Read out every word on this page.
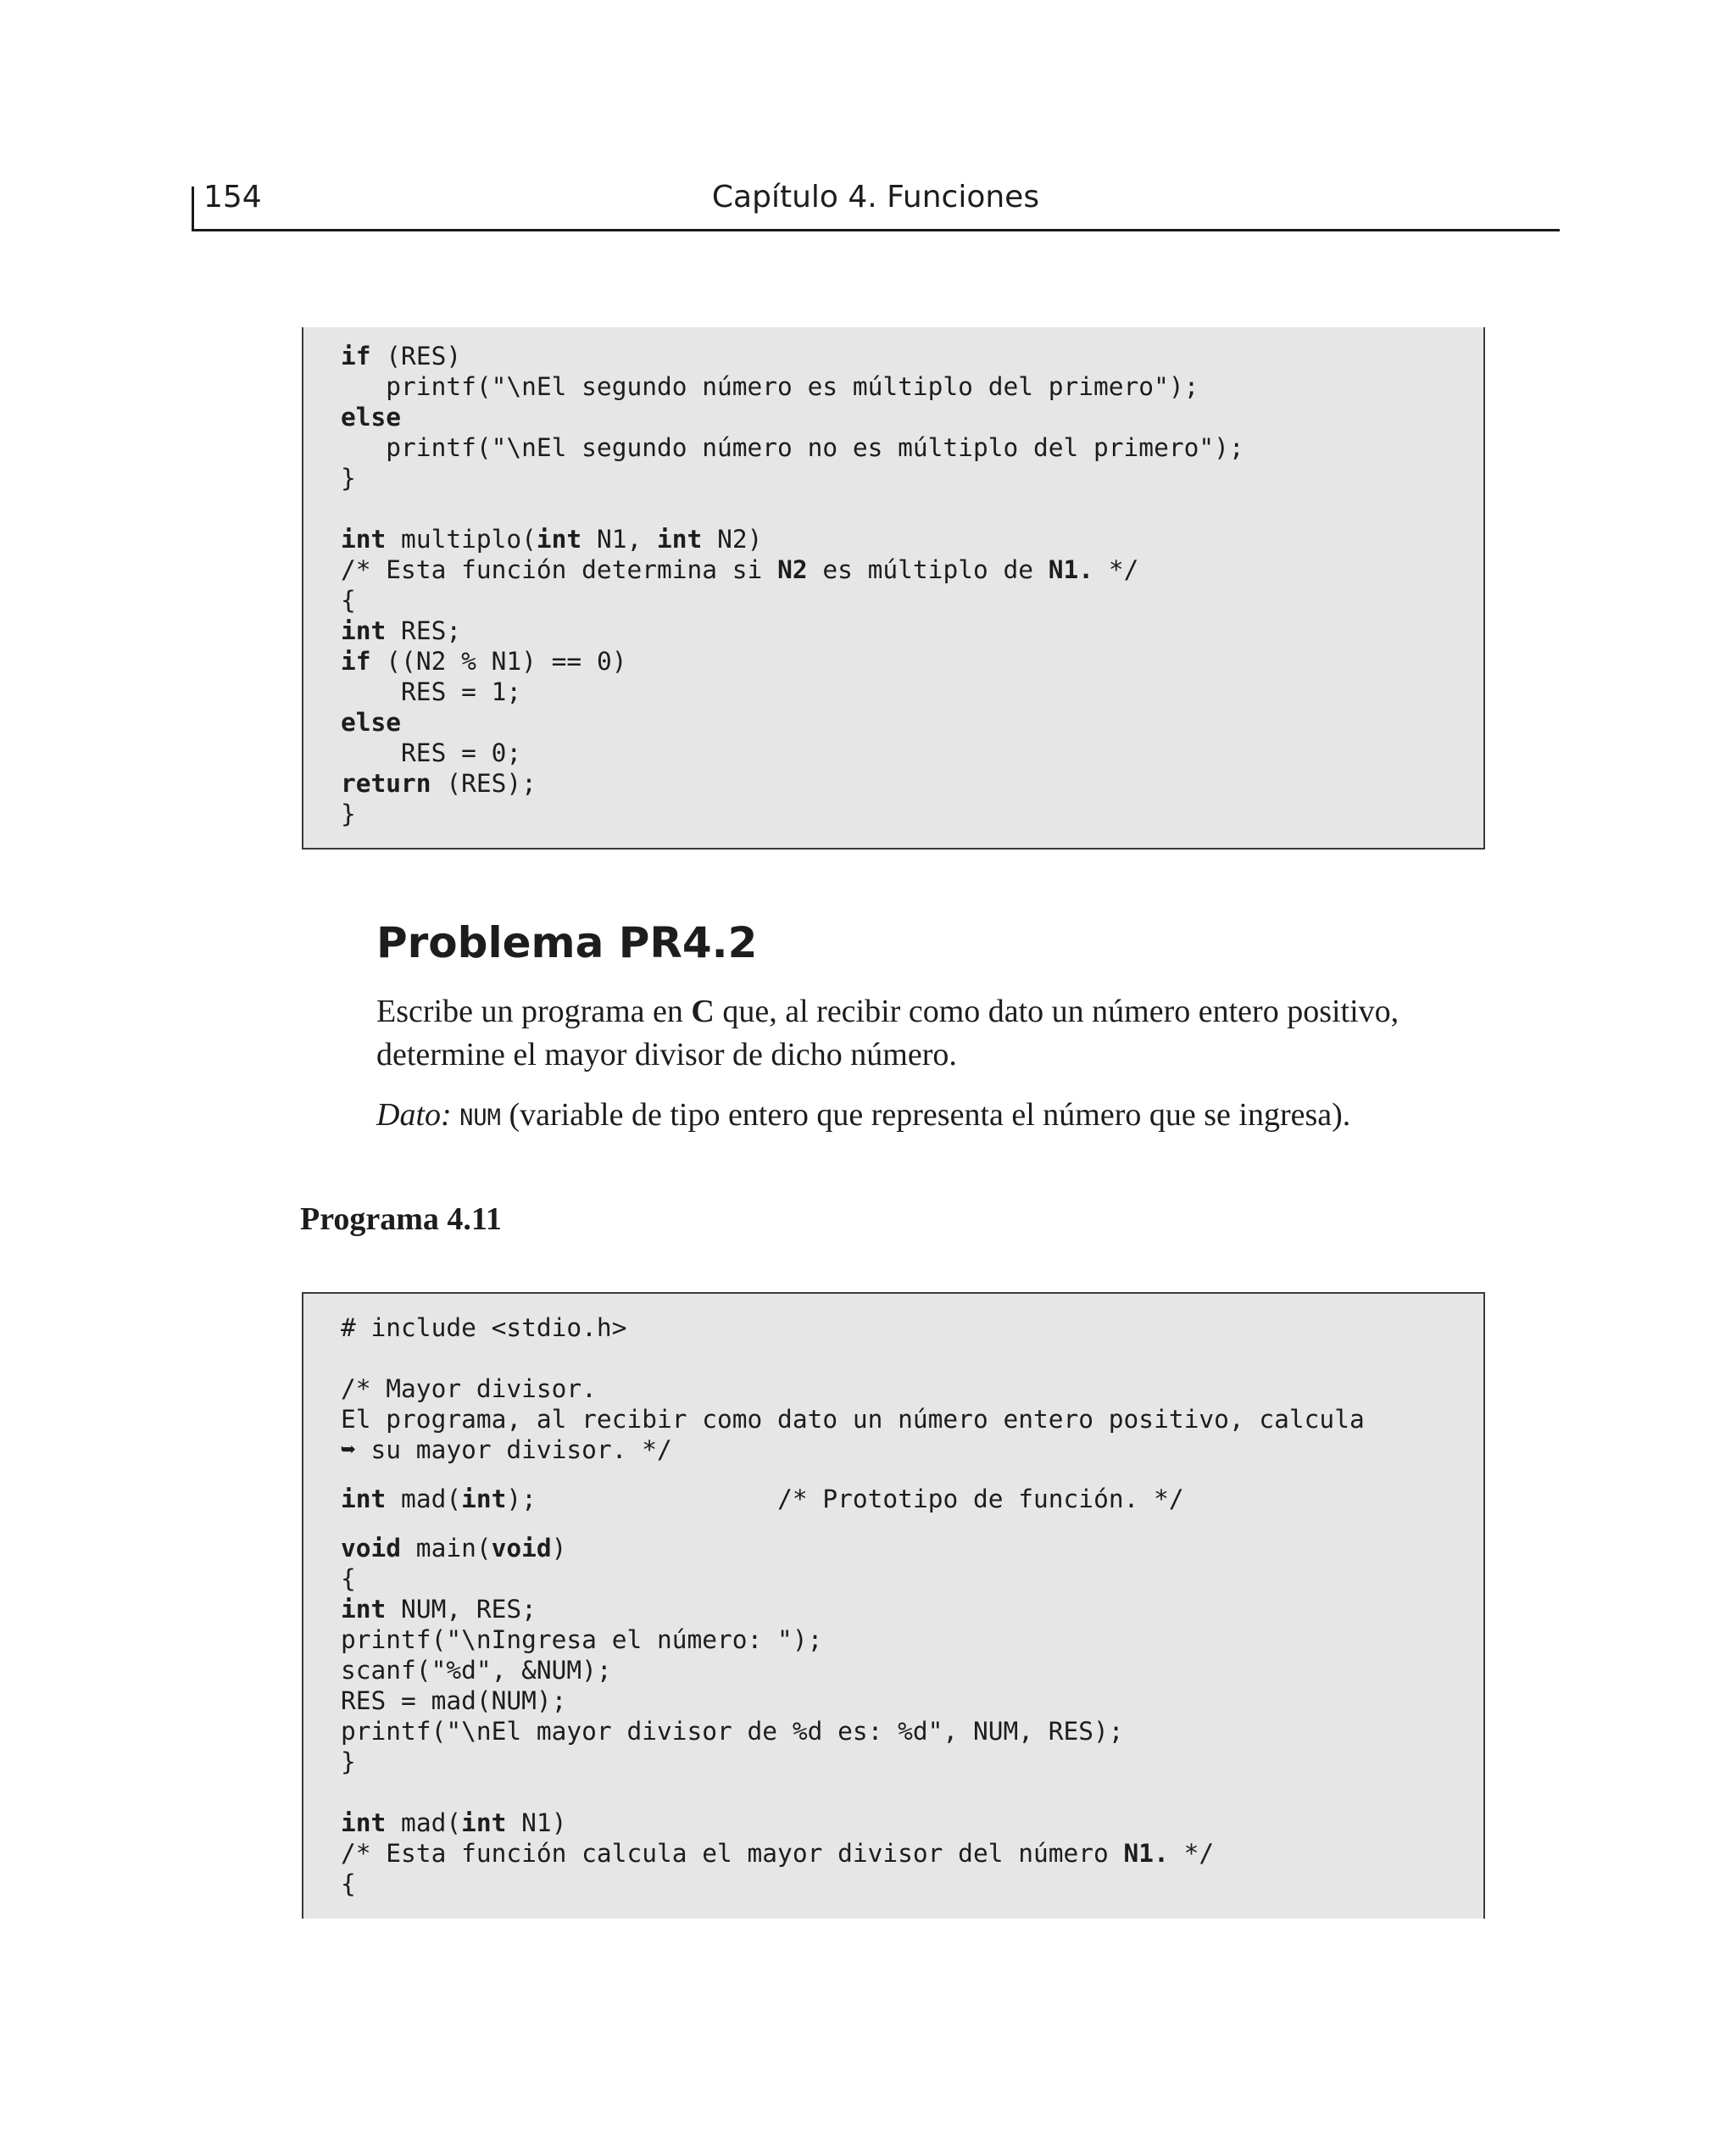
154	Capítulo 4. Funciones
if (RES)
printf("\nEl segundo número es múltiplo del primero");
else
printf("\nEl segundo número no es múltiplo del primero");
}
int multiplo(int N1, int N2)
/* Esta función determina si N2 es múltiplo de N1. */
{
int RES;
if ((N2 % N1) == 0)
RES = 1;
else
RES = 0;
return (RES);
}
Problema PR4.2
Escribe un programa en C que, al recibir como dato un número entero positivo, determine el mayor divisor de dicho número.
Dato: NUM (variable de tipo entero que representa el número que se ingresa).
Programa 4.11
# include <stdio.h>
/* Mayor divisor.
El programa, al recibir como dato un número entero positivo, calcula
➥ su mayor divisor. */
int mad(int);                /* Prototipo de función. */
void main(void)
{
int NUM, RES;
printf("\nIngresa el número: ");
scanf("%d", &NUM);
RES = mad(NUM);
printf("\nEl mayor divisor de %d es: %d", NUM, RES);
}
int mad(int N1)
/* Esta función calcula el mayor divisor del número N1. */
{
